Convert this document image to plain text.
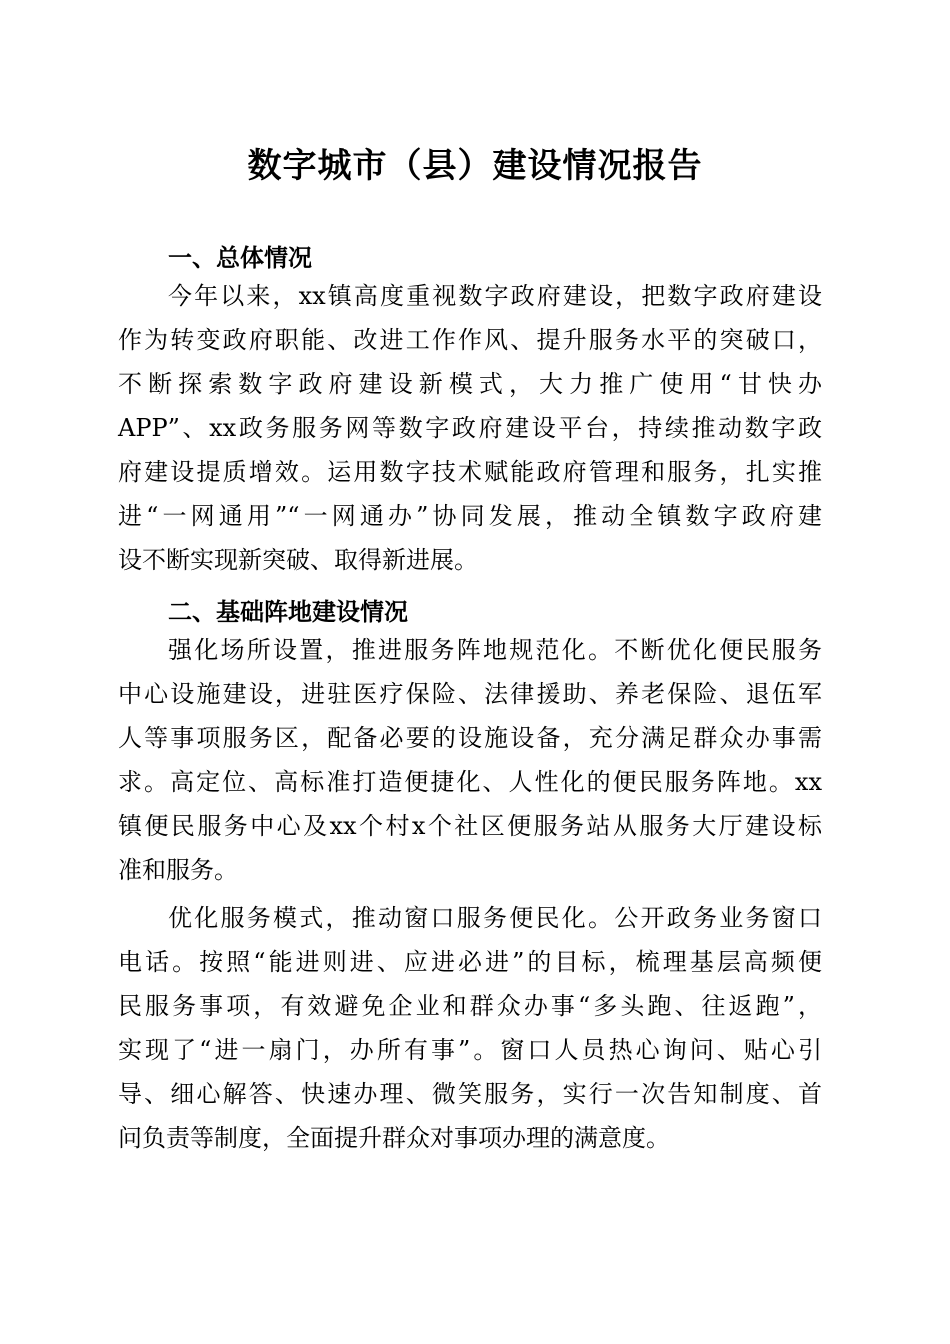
数字城市（县）建设情况报告
一、总体情况
今年以来，xx镇高度重视数字政府建设，把数字政府建设
作为转变政府职能、改进工作作风、提升服务水平的突破口，
不断探索数字政府建设新模式，大力推广使用“甘快办
APP”、xx政务服务网等数字政府建设平台，持续推动数字政
府建设提质增效。运用数字技术赋能政府管理和服务，扎实推
进“一网通用”“一网通办”协同发展，推动全镇数字政府建
设不断实现新突破、取得新进展。
二、基础阵地建设情况
强化场所设置，推进服务阵地规范化。不断优化便民服务
中心设施建设，进驻医疗保险、法律援助、养老保险、退伍军
人等事项服务区，配备必要的设施设备，充分满足群众办事需
求。高定位、高标准打造便捷化、人性化的便民服务阵地。xx
镇便民服务中心及xx个村x个社区便服务站从服务大厅建设标
准和服务。
优化服务模式，推动窗口服务便民化。公开政务业务窗口
电话。按照“能进则进、应进必进”的目标，梳理基层高频便
民服务事项，有效避免企业和群众办事“多头跑、往返跑”，
实现了“进一扇门，办所有事”。窗口人员热心询问、贴心引
导、细心解答、快速办理、微笑服务，实行一次告知制度、首
问负责等制度，全面提升群众对事项办理的满意度。
